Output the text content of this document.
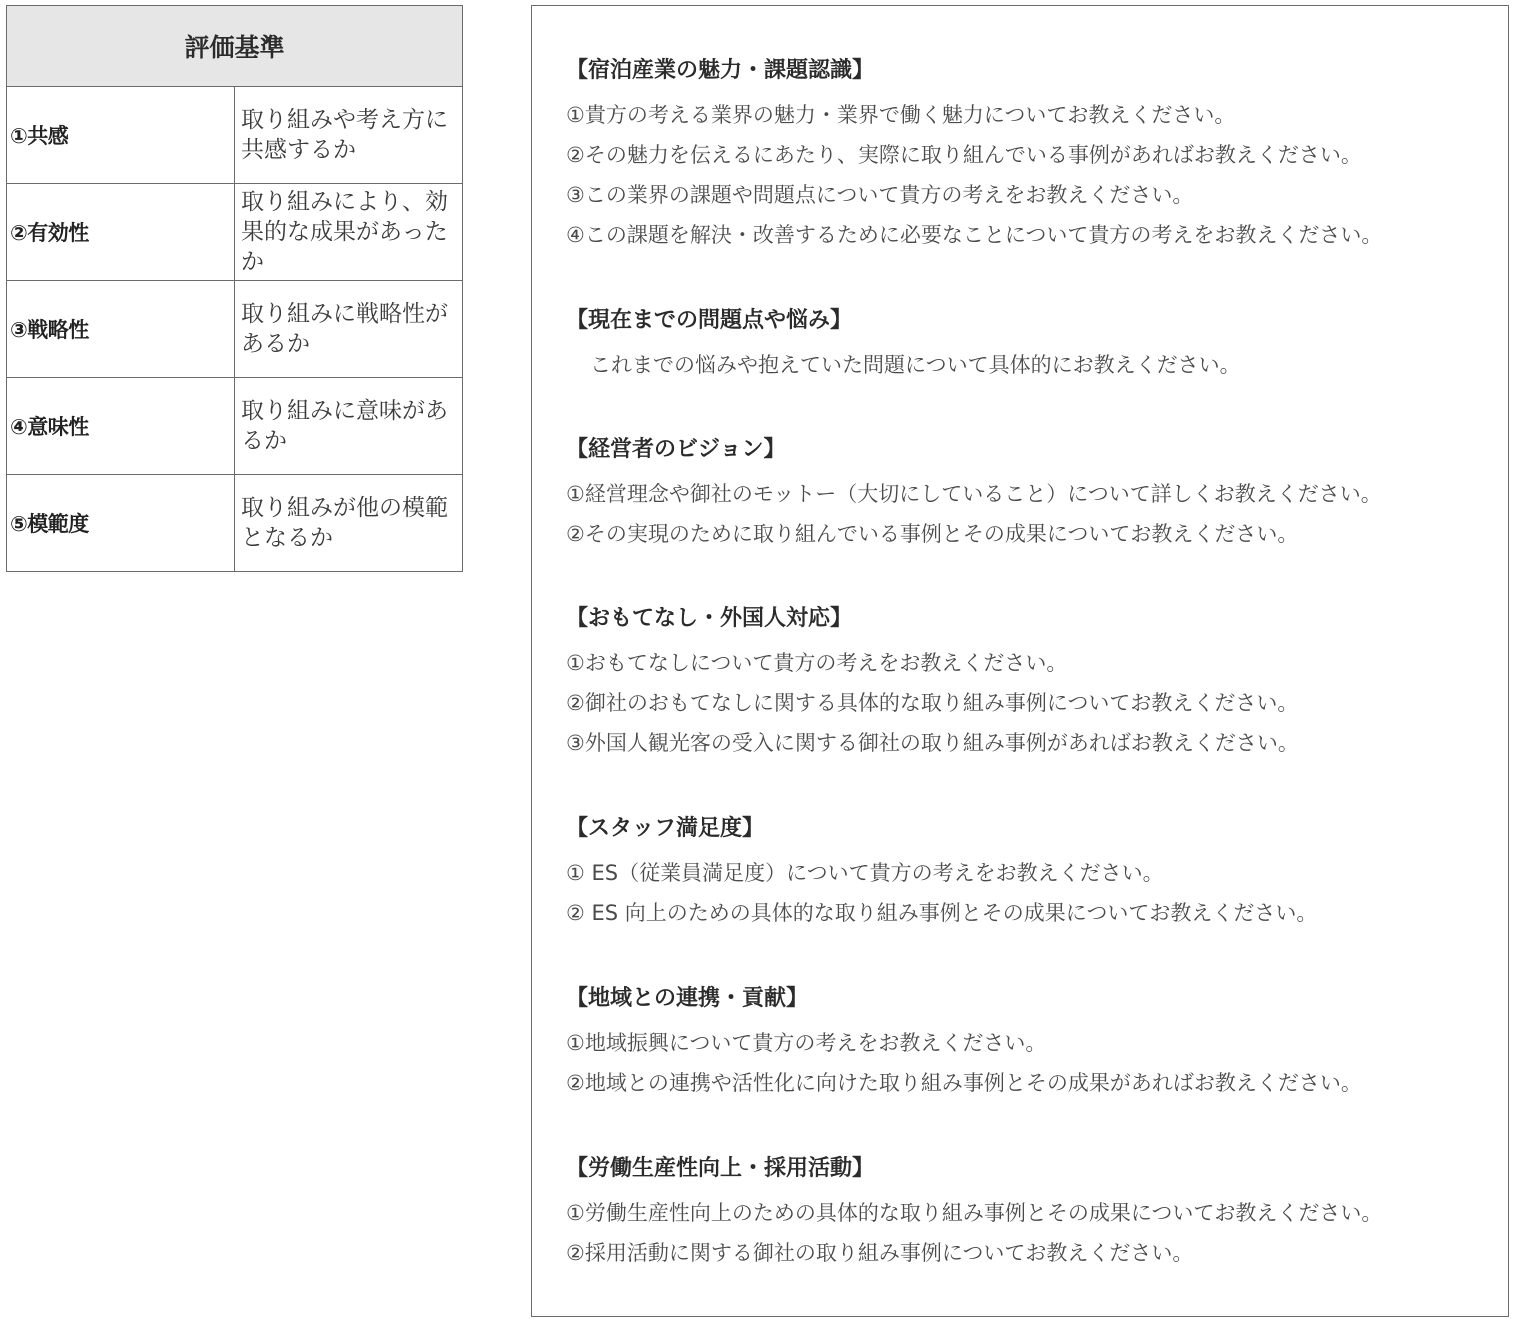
評価基準	
①共感	取り組みや考え方に共感するか
②有効性	取り組みにより、効果的な成果があったか
③戦略性	取り組みに戦略性があるか
④意味性	取り組みに意味があるか
⑤模範度	取り組みが他の模範となるか
【宿泊産業の魅力・課題認識】
①貴方の考える業界の魅力・業界で働く魅力についてお教えください。
②その魅力を伝えるにあたり、実際に取り組んでいる事例があればお教えください。
③この業界の課題や問題点について貴方の考えをお教えください。
④この課題を解決・改善するために必要なことについて貴方の考えをお教えください。
【現在までの問題点や悩み】
これまでの悩みや抱えていた問題について具体的にお教えください。
【経営者のビジョン】
①経営理念や御社のモットー（大切にしていること）について詳しくお教えください。
②その実現のために取り組んでいる事例とその成果についてお教えください。
【おもてなし・外国人対応】
①おもてなしについて貴方の考えをお教えください。
②御社のおもてなしに関する具体的な取り組み事例についてお教えください。
③外国人観光客の受入に関する御社の取り組み事例があればお教えください。
【スタッフ満足度】
① ES（従業員満足度）について貴方の考えをお教えください。
② ES 向上のための具体的な取り組み事例とその成果についてお教えください。
【地域との連携・貢献】
①地域振興について貴方の考えをお教えください。
②地域との連携や活性化に向けた取り組み事例とその成果があればお教えください。
【労働生産性向上・採用活動】
①労働生産性向上のための具体的な取り組み事例とその成果についてお教えください。
②採用活動に関する御社の取り組み事例についてお教えください。
